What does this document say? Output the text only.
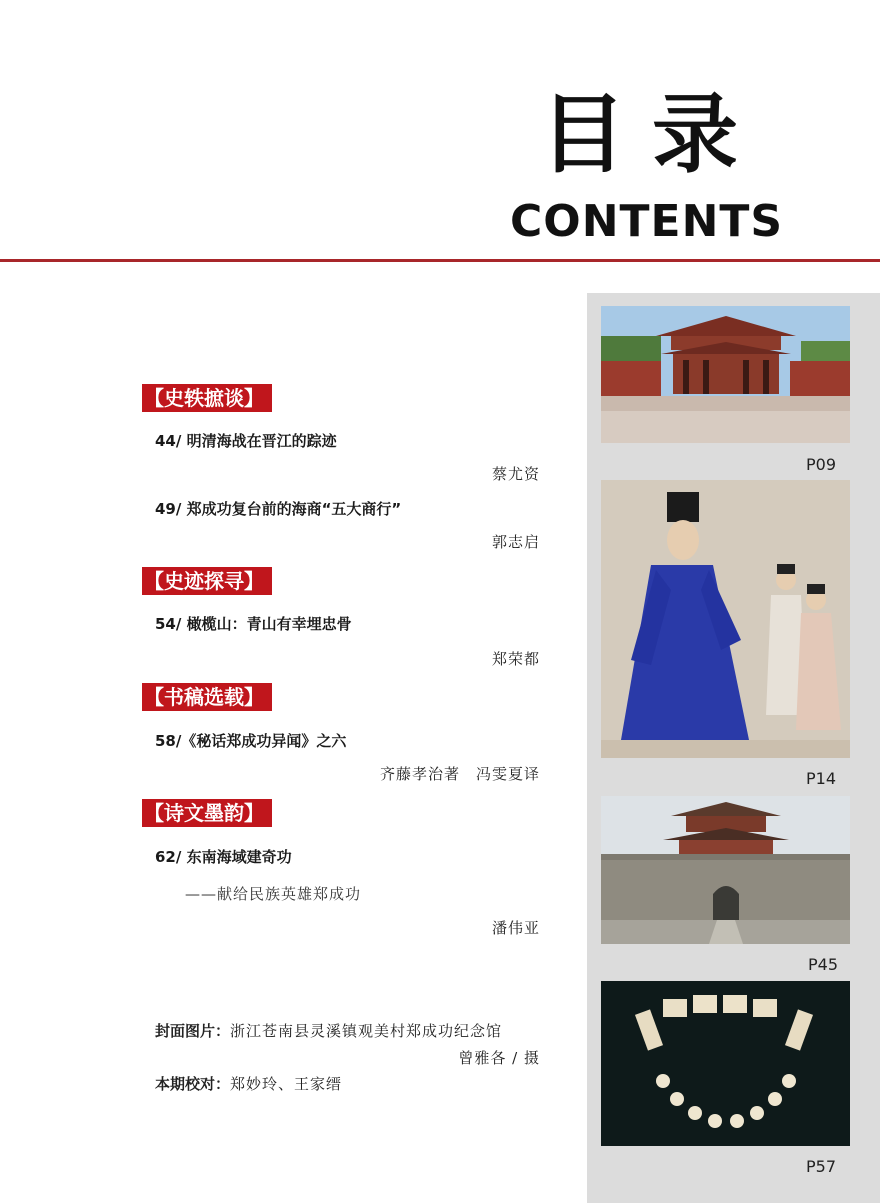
目录
CONTENTS
P09
P14
P45
P57
【史轶摭谈】
44/ 明清海战在晋江的踪迹
蔡尤资
49/ 郑成功复台前的海商“五大商行”
郭志启
【史迹探寻】
54/ 橄榄山：青山有幸埋忠骨
郑荣都
【书稿选载】
58/《秘话郑成功异闻》之六
齐藤孝治著　冯雯夏译
【诗文墨韵】
62/ 东南海域建奇功
——献给民族英雄郑成功
潘伟亚
封面图片：浙江苍南县灵溪镇观美村郑成功纪念馆
曾雅各 / 摄
本期校对：郑妙玲、王家缙
